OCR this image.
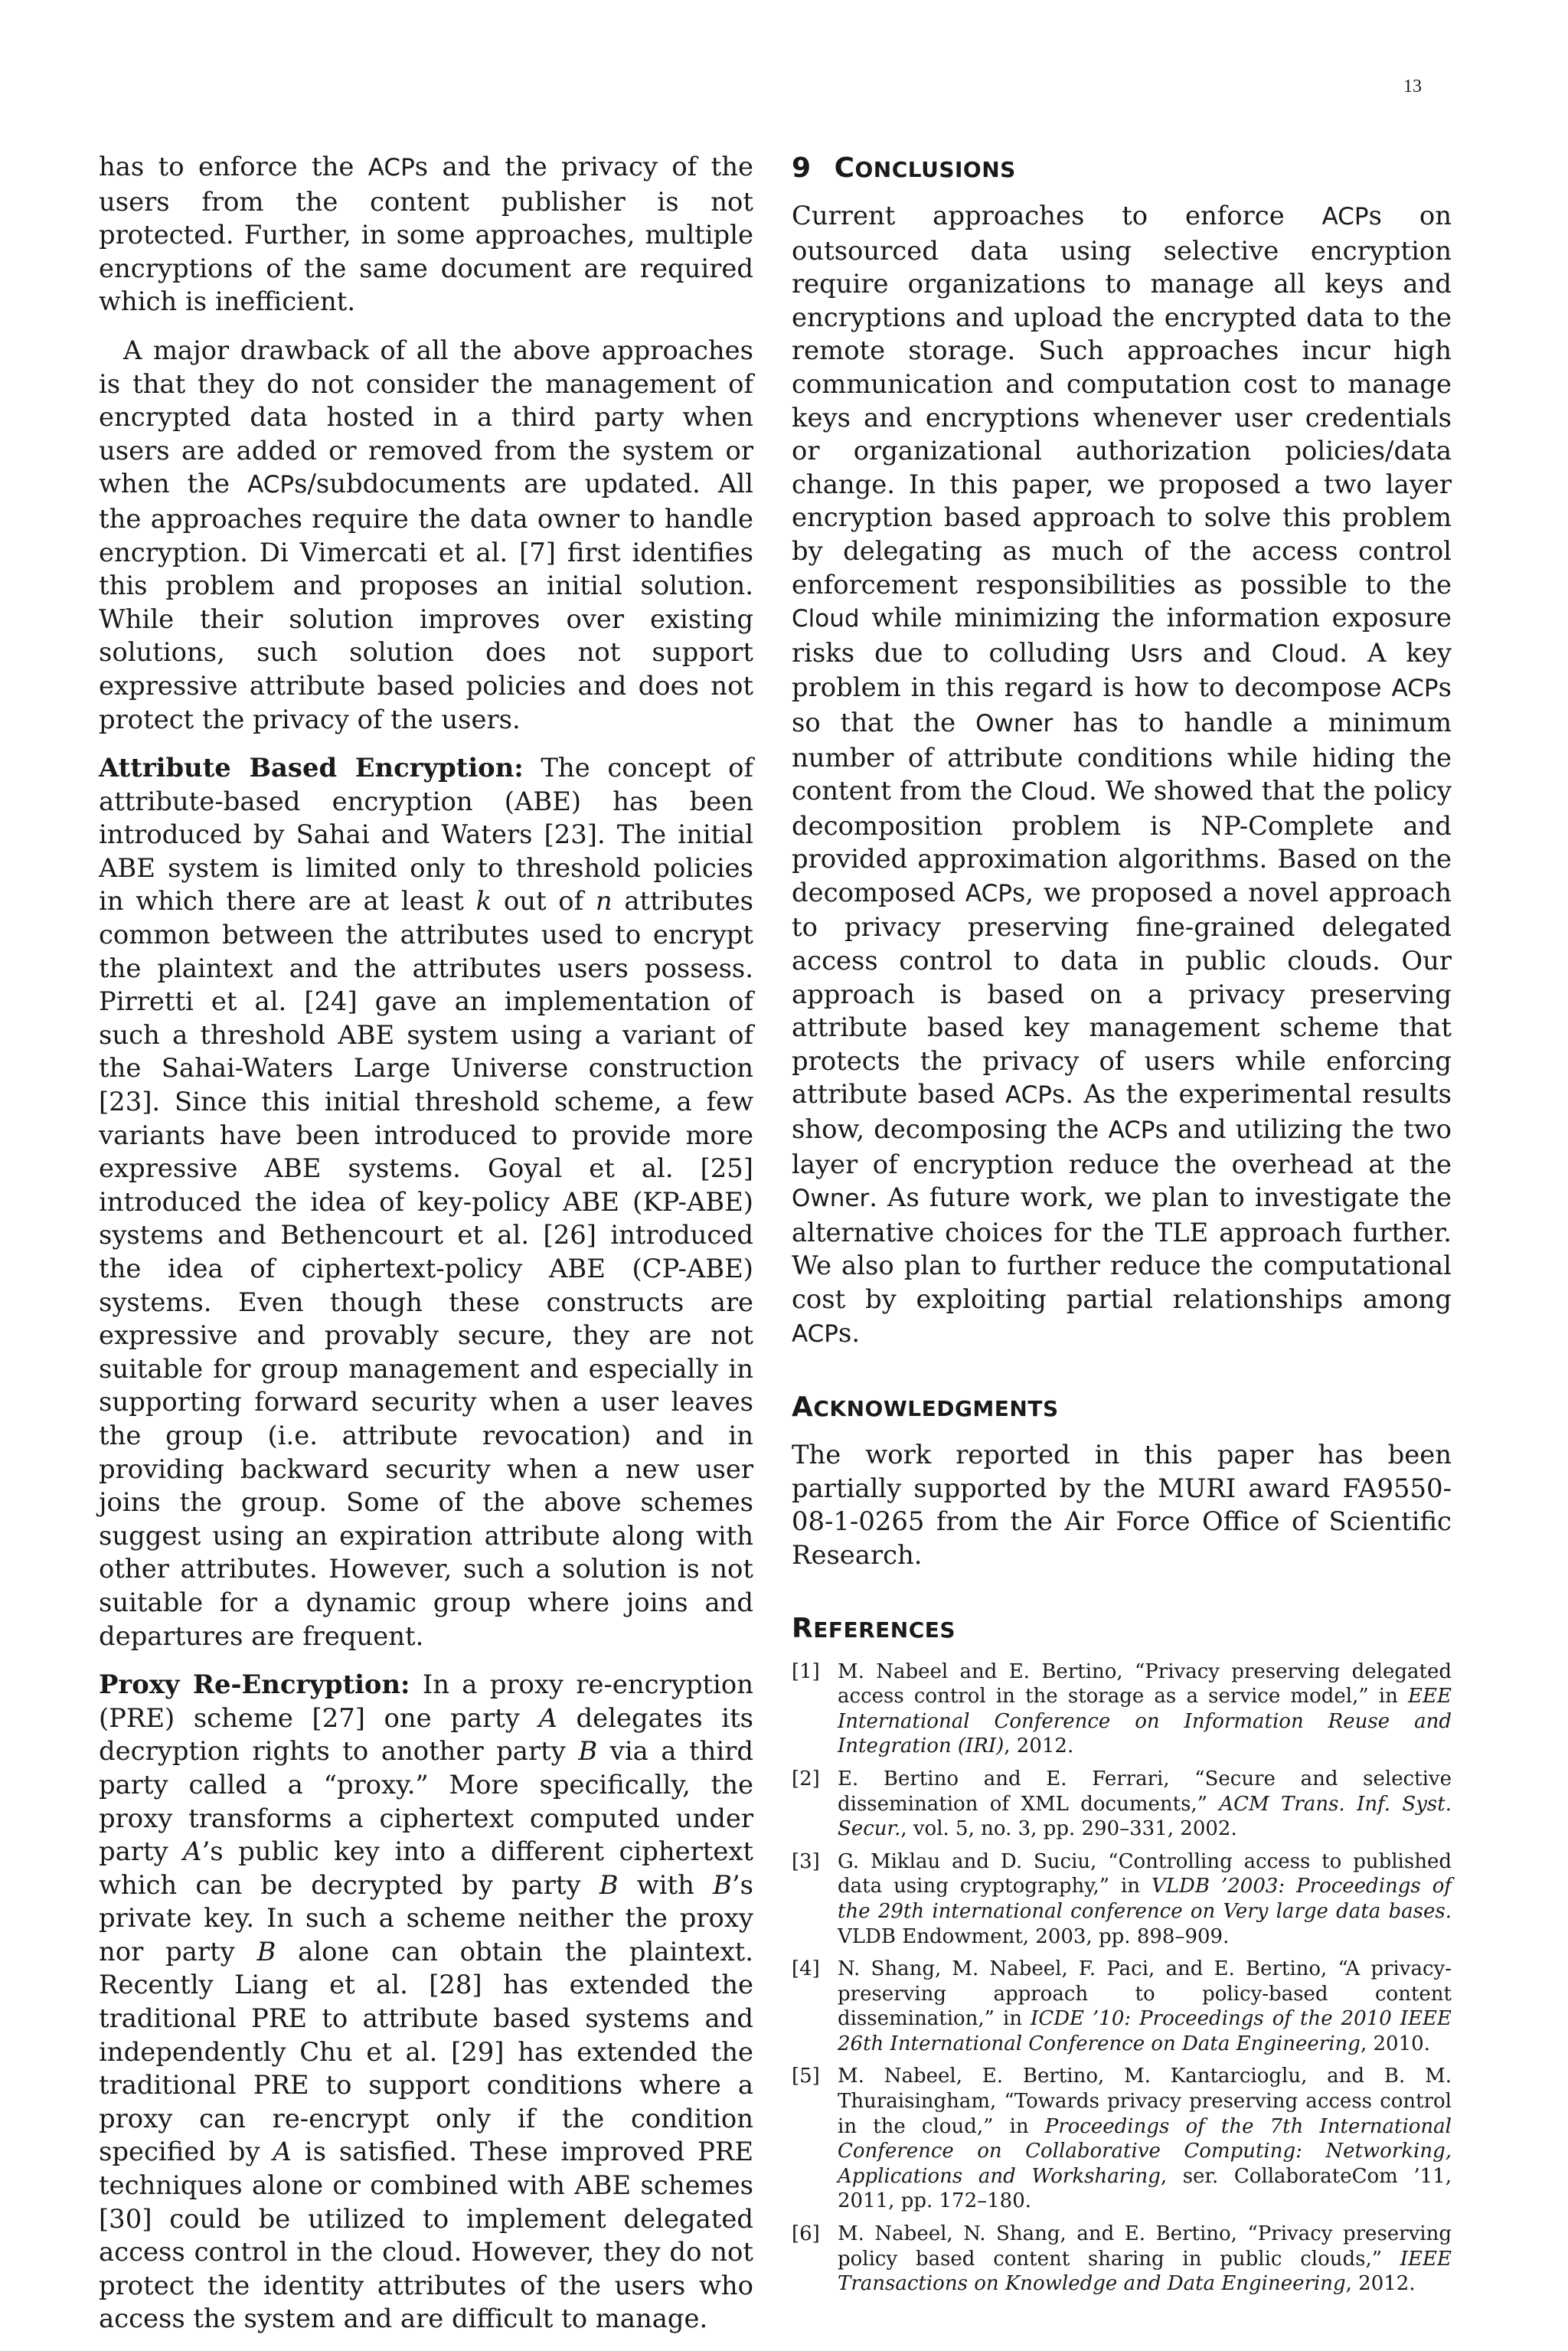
13

has to enforce the ACPs and the privacy of the users from the content publisher is not protected. Further, in some approaches, multiple encryptions of the same document are required which is inefficient.

A major drawback of all the above approaches is that they do not consider the management of encrypted data hosted in a third party when users are added or removed from the system or when the ACPs/subdocuments are updated. All the approaches require the data owner to handle encryption. Di Vimercati et al. [7] first identifies this problem and proposes an initial solution. While their solution improves over existing solutions, such solution does not support expressive attribute based policies and does not protect the privacy of the users.

Attribute Based Encryption: The concept of attribute-based encryption (ABE) has been introduced by Sahai and Waters [23]. The initial ABE system is limited only to threshold policies in which there are at least k out of n attributes common between the attributes used to encrypt the plaintext and the attributes users possess. Pirretti et al. [24] gave an implementation of such a threshold ABE system using a variant of the Sahai-Waters Large Universe construction [23]. Since this initial threshold scheme, a few variants have been introduced to provide more expressive ABE systems. Goyal et al. [25] introduced the idea of key-policy ABE (KP-ABE) systems and Bethencourt et al. [26] introduced the idea of ciphertext-policy ABE (CP-ABE) systems. Even though these constructs are expressive and provably secure, they are not suitable for group management and especially in supporting forward security when a user leaves the group (i.e. attribute revocation) and in providing backward security when a new user joins the group. Some of the above schemes suggest using an expiration attribute along with other attributes. However, such a solution is not suitable for a dynamic group where joins and departures are frequent.

Proxy Re-Encryption: In a proxy re-encryption (PRE) scheme [27] one party A delegates its decryption rights to another party B via a third party called a “proxy.” More specifically, the proxy transforms a ciphertext computed under party A’s public key into a different ciphertext which can be decrypted by party B with B’s private key. In such a scheme neither the proxy nor party B alone can obtain the plaintext. Recently Liang et al. [28] has extended the traditional PRE to attribute based systems and independently Chu et al. [29] has extended the traditional PRE to support conditions where a proxy can re-encrypt only if the condition specified by A is satisfied. These improved PRE techniques alone or combined with ABE schemes [30] could be utilized to implement delegated access control in the cloud. However, they do not protect the identity attributes of the users who access the system and are difficult to manage.

9 CONCLUSIONS

Current approaches to enforce ACPs on outsourced data using selective encryption require organizations to manage all keys and encryptions and upload the encrypted data to the remote storage. Such approaches incur high communication and computation cost to manage keys and encryptions whenever user credentials or organizational authorization policies/data change. In this paper, we proposed a two layer encryption based approach to solve this problem by delegating as much of the access control enforcement responsibilities as possible to the Cloud while minimizing the information exposure risks due to colluding Usrs and Cloud. A key problem in this regard is how to decompose ACPs so that the Owner has to handle a minimum number of attribute conditions while hiding the content from the Cloud. We showed that the policy decomposition problem is NP-Complete and provided approximation algorithms. Based on the decomposed ACPs, we proposed a novel approach to privacy preserving fine-grained delegated access control to data in public clouds. Our approach is based on a privacy preserving attribute based key management scheme that protects the privacy of users while enforcing attribute based ACPs. As the experimental results show, decomposing the ACPs and utilizing the two layer of encryption reduce the overhead at the Owner. As future work, we plan to investigate the alternative choices for the TLE approach further. We also plan to further reduce the computational cost by exploiting partial relationships among ACPs.

ACKNOWLEDGMENTS

The work reported in this paper has been partially supported by the MURI award FA9550-08-1-0265 from the Air Force Office of Scientific Research.

REFERENCES
[1] M. Nabeel and E. Bertino, “Privacy preserving delegated access control in the storage as a service model,” in EEE International Conference on Information Reuse and Integration (IRI), 2012.
[2] E. Bertino and E. Ferrari, “Secure and selective dissemination of XML documents,” ACM Trans. Inf. Syst. Secur., vol. 5, no. 3, pp. 290–331, 2002.
[3] G. Miklau and D. Suciu, “Controlling access to published data using cryptography,” in VLDB ’2003: Proceedings of the 29th international conference on Very large data bases. VLDB Endowment, 2003, pp. 898–909.
[4] N. Shang, M. Nabeel, F. Paci, and E. Bertino, “A privacy-preserving approach to policy-based content dissemination,” in ICDE ’10: Proceedings of the 2010 IEEE 26th International Conference on Data Engineering, 2010.
[5] M. Nabeel, E. Bertino, M. Kantarcioglu, and B. M. Thuraisingham, “Towards privacy preserving access control in the cloud,” in Proceedings of the 7th International Conference on Collaborative Computing: Networking, Applications and Worksharing, ser. CollaborateCom ’11, 2011, pp. 172–180.
[6] M. Nabeel, N. Shang, and E. Bertino, “Privacy preserving policy based content sharing in public clouds,” IEEE Transactions on Knowledge and Data Engineering, 2012.
